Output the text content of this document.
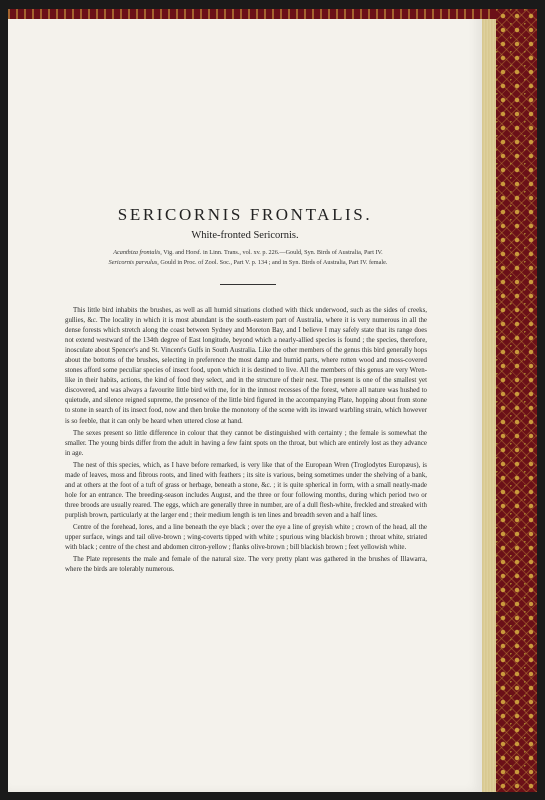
SERICORNIS FRONTALIS.
White-fronted Sericornis.
Acanthiza frontalis, Vig. and Horsf. in Linn. Trans., vol. xv. p. 226.—Gould, Syn. Birds of Australia, Part IV.
Sericornis parvulus, Gould in Proc. of Zool. Soc., Part V. p. 134 ; and in Syn. Birds of Australia, Part IV. female.

This little bird inhabits the brushes, as well as all humid situations clothed with thick underwood, such as the sides of creeks, gullies, &c. The locality in which it is most abundant is the south-eastern part of Australia, where it is very numerous in all the dense forests which stretch along the coast between Sydney and Moreton Bay, and I believe I may safely state that its range does not extend westward of the 134th degree of East longitude, beyond which a nearly-allied species is found ; the species, therefore, inosculate about Spencer's and St. Vincent's Gulfs in South Australia. Like the other members of the genus this bird generally hops about the bottoms of the brushes, selecting in preference the most damp and humid parts, where rotten wood and moss-covered stones afford some peculiar species of insect food, upon which it is destined to live. All the members of this genus are very Wren-like in their habits, actions, the kind of food they select, and in the structure of their nest. The present is one of the smallest yet discovered, and was always a favourite little bird with me, for in the inmost recesses of the forest, where all nature was hushed to quietude, and silence reigned supreme, the presence of the little bird figured in the accompanying Plate, hopping about from stone to stone in search of its insect food, now and then broke the monotony of the scene with its inward warbling strain, which however is so feeble, that it can only be heard when uttered close at hand.

The sexes present so little difference in colour that they cannot be distinguished with certainty ; the female is somewhat the smaller. The young birds differ from the adult in having a few faint spots on the throat, but which are entirely lost as they advance in age.

The nest of this species, which, as I have before remarked, is very like that of the European Wren (Troglodytes Europæus), is made of leaves, moss and fibrous roots, and lined with feathers ; its site is various, being sometimes under the shelving of a bank, and at others at the foot of a tuft of grass or herbage, beneath a stone, &c. ; it is quite spherical in form, with a small neatly-made hole for an entrance. The breeding-season includes August, and the three or four following months, during which period two or three broods are usually reared. The eggs, which are generally three in number, are of a dull flesh-white, freckled and streaked with purplish brown, particularly at the larger end ; their medium length is ten lines and breadth seven and a half lines.

Centre of the forehead, lores, and a line beneath the eye black ; over the eye a line of greyish white ; crown of the head, all the upper surface, wings and tail olive-brown ; wing-coverts tipped with white ; spurious wing blackish brown ; throat white, striated with black ; centre of the chest and abdomen citron-yellow ; flanks olive-brown ; bill blackish brown ; feet yellowish white.

The Plate represents the male and female of the natural size. The very pretty plant was gathered in the brushes of Illawarra, where the birds are tolerably numerous.
